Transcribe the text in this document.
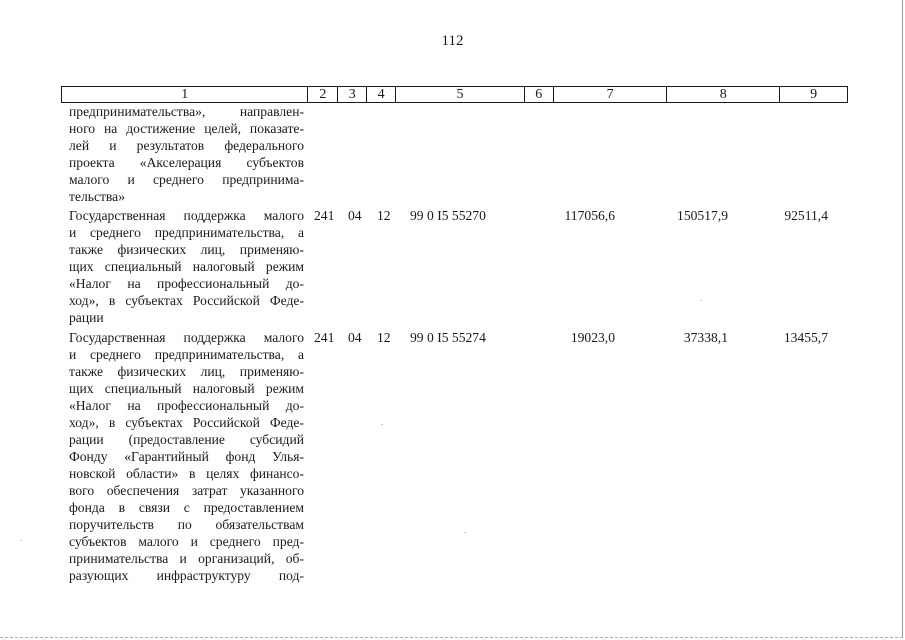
112
1	2	3	4	5	6	7	8	9
предпринимательства», направлен-
ного на достижение целей, показате-
лей и результатов федерального
проекта «Акселерация субъектов
малого и среднего предпринима-
тельства»
Государственная поддержка малого
и среднего предпринимательства, а
также физических лиц, применяю-
щих специальный налоговый режим
«Налог на профессиональный до-
ход», в субъектах Российской Феде-
рации
241 04 12 99 0 I5 55270	117056,6	150517,9	92511,4
Государственная поддержка малого
и среднего предпринимательства, а
также физических лиц, применяю-
щих специальный налоговый режим
«Налог на профессиональный до-
ход», в субъектах Российской Феде-
рации (предоставление субсидий
Фонду «Гарантийный фонд Улья-
новской области» в целях финансо-
вого обеспечения затрат указанного
фонда в связи с предоставлением
поручительств по обязательствам
субъектов малого и среднего пред-
принимательства и организаций, об-
разующих инфраструктуру под-
241 04 12 99 0 I5 55274	19023,0	37338,1	13455,7
